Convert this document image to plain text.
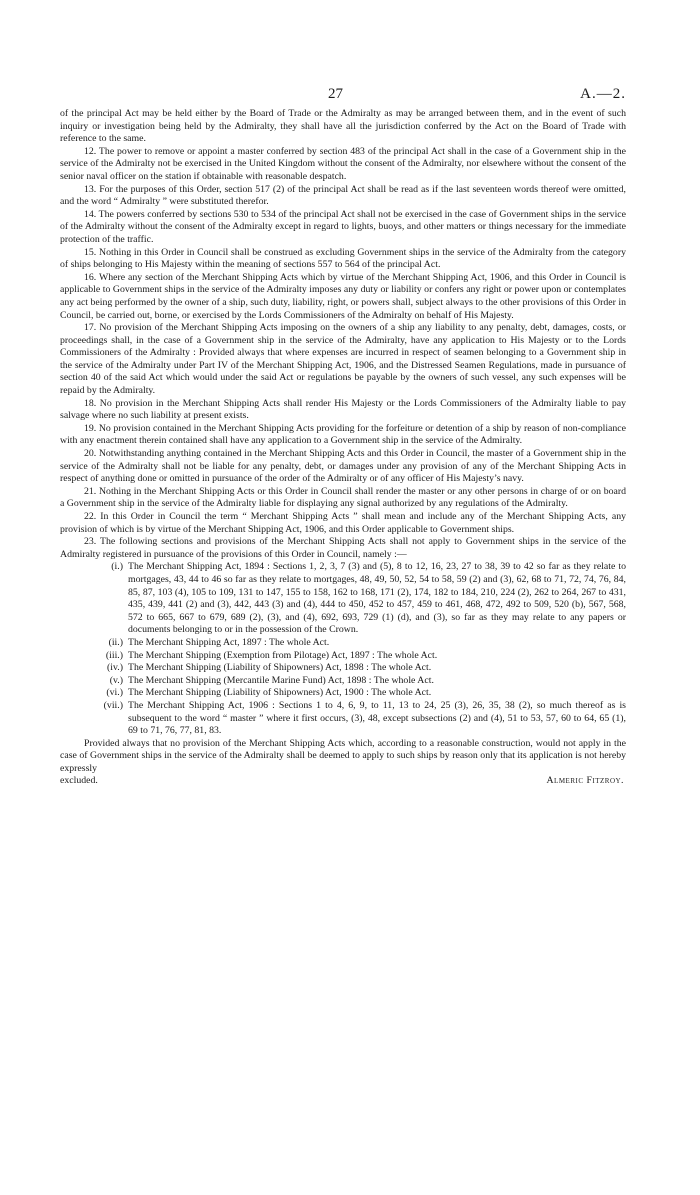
27	A.—2.

of the principal Act may be held either by the Board of Trade or the Admiralty as may be arranged between them, and in the event of such inquiry or investigation being held by the Admiralty, they shall have all the jurisdiction conferred by the Act on the Board of Trade with reference to the same.

12. The power to remove or appoint a master conferred by section 483 of the principal Act shall in the case of a Government ship in the service of the Admiralty not be exercised in the United Kingdom without the consent of the Admiralty, nor elsewhere without the consent of the senior naval officer on the station if obtainable with reasonable despatch.

13. For the purposes of this Order, section 517 (2) of the principal Act shall be read as if the last seventeen words thereof were omitted, and the word “ Admiralty ” were substituted therefor.

14. The powers conferred by sections 530 to 534 of the principal Act shall not be exercised in the case of Government ships in the service of the Admiralty without the consent of the Admiralty except in regard to lights, buoys, and other matters or things necessary for the immediate protection of the traffic.

15. Nothing in this Order in Council shall be construed as excluding Government ships in the service of the Admiralty from the category of ships belonging to His Majesty within the meaning of sections 557 to 564 of the principal Act.

16. Where any section of the Merchant Shipping Acts which by virtue of the Merchant Shipping Act, 1906, and this Order in Council is applicable to Government ships in the service of the Admiralty imposes any duty or liability or confers any right or power upon or contemplates any act being performed by the owner of a ship, such duty, liability, right, or powers shall, subject always to the other provisions of this Order in Council, be carried out, borne, or exercised by the Lords Commissioners of the Admiralty on behalf of His Majesty.

17. No provision of the Merchant Shipping Acts imposing on the owners of a ship any liability to any penalty, debt, damages, costs, or proceedings shall, in the case of a Government ship in the service of the Admiralty, have any application to His Majesty or to the Lords Commissioners of the Admiralty : Provided always that where expenses are incurred in respect of seamen belonging to a Government ship in the service of the Admiralty under Part IV of the Merchant Shipping Act, 1906, and the Distressed Seamen Regulations, made in pursuance of section 40 of the said Act which would under the said Act or regulations be payable by the owners of such vessel, any such expenses will be repaid by the Admiralty.

18. No provision in the Merchant Shipping Acts shall render His Majesty or the Lords Commissioners of the Admiralty liable to pay salvage where no such liability at present exists.

19. No provision contained in the Merchant Shipping Acts providing for the forfeiture or detention of a ship by reason of non-compliance with any enactment therein contained shall have any application to a Government ship in the service of the Admiralty.

20. Notwithstanding anything contained in the Merchant Shipping Acts and this Order in Council, the master of a Government ship in the service of the Admiralty shall not be liable for any penalty, debt, or damages under any provision of any of the Merchant Shipping Acts in respect of anything done or omitted in pursuance of the order of the Admiralty or of any officer of His Majesty’s navy.

21. Nothing in the Merchant Shipping Acts or this Order in Council shall render the master or any other persons in charge of or on board a Government ship in the service of the Admiralty liable for displaying any signal authorized by any regulations of the Admiralty.

22. In this Order in Council the term “ Merchant Shipping Acts ” shall mean and include any of the Merchant Shipping Acts, any provision of which is by virtue of the Merchant Shipping Act, 1906, and this Order applicable to Government ships.

23. The following sections and provisions of the Merchant Shipping Acts shall not apply to Government ships in the service of the Admiralty registered in pursuance of the provisions of this Order in Council, namely :—

(i.) The Merchant Shipping Act, 1894 : Sections 1, 2, 3, 7 (3) and (5), 8 to 12, 16, 23, 27 to 38, 39 to 42 so far as they relate to mortgages, 43, 44 to 46 so far as they relate to mortgages, 48, 49, 50, 52, 54 to 58, 59 (2) and (3), 62, 68 to 71, 72, 74, 76, 84, 85, 87, 103 (4), 105 to 109, 131 to 147, 155 to 158, 162 to 168, 171 (2), 174, 182 to 184, 210, 224 (2), 262 to 264, 267 to 431, 435, 439, 441 (2) and (3), 442, 443 (3) and (4), 444 to 450, 452 to 457, 459 to 461, 468, 472, 492 to 509, 520 (b), 567, 568, 572 to 665, 667 to 679, 689 (2), (3), and (4), 692, 693, 729 (1) (d), and (3), so far as they may relate to any papers or documents belonging to or in the possession of the Crown.
(ii.) The Merchant Shipping Act, 1897 : The whole Act.
(iii.) The Merchant Shipping (Exemption from Pilotage) Act, 1897 : The whole Act.
(iv.) The Merchant Shipping (Liability of Shipowners) Act, 1898 : The whole Act.
(v.) The Merchant Shipping (Mercantile Marine Fund) Act, 1898 : The whole Act.
(vi.) The Merchant Shipping (Liability of Shipowners) Act, 1900 : The whole Act.
(vii.) The Merchant Shipping Act, 1906 : Sections 1 to 4, 6, 9, to 11, 13 to 24, 25 (3), 26, 35, 38 (2), so much thereof as is subsequent to the word “ master ” where it first occurs, (3), 48, except subsections (2) and (4), 51 to 53, 57, 60 to 64, 65 (1), 69 to 71, 76, 77, 81, 83.

Provided always that no provision of the Merchant Shipping Acts which, according to a reasonable construction, would not apply in the case of Government ships in the service of the Admiralty shall be deemed to apply to such ships by reason only that its application is not hereby expressly

excluded.	Almeric Fitzroy.
